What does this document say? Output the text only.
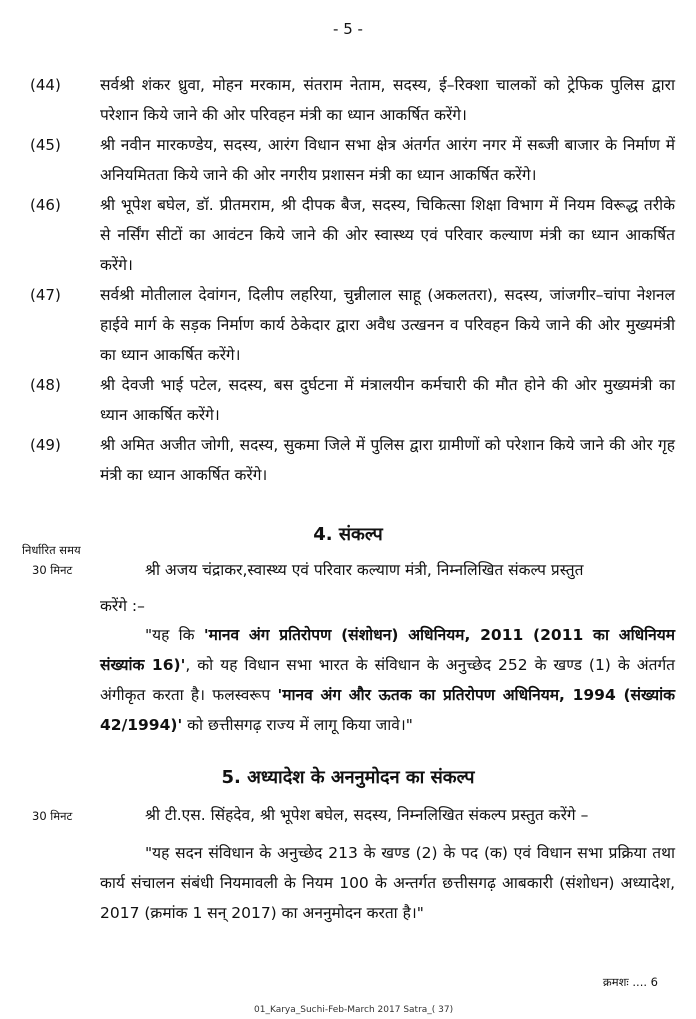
- 5 -
(44)	सर्वश्री शंकर ध्रुवा, मोहन मरकाम, संतराम नेताम, सदस्य, ई–रिक्शा चालकों को ट्रेफिक पुलिस द्वारा परेशान किये जाने की ओर परिवहन मंत्री का ध्यान आकर्षित करेंगे।
(45)	श्री नवीन मारकण्डेय, सदस्य, आरंग विधान सभा क्षेत्र अंतर्गत आरंग नगर में सब्जी बाजार के निर्माण में अनियमितता किये जाने की ओर नगरीय प्रशासन मंत्री का ध्यान आकर्षित करेंगे।
(46)	श्री भूपेश बघेल, डॉ. प्रीतमराम, श्री दीपक बैज, सदस्य, चिकित्सा शिक्षा विभाग में नियम विरूद्ध तरीके से नर्सिंग सीटों का आवंटन किये जाने की ओर स्वास्थ्य एवं परिवार कल्याण मंत्री का ध्यान आकर्षित करेंगे।
(47)	सर्वश्री मोतीलाल देवांगन, दिलीप लहरिया, चुन्नीलाल साहू (अकलतरा), सदस्य, जांजगीर–चांपा नेशनल हाईवे मार्ग के सड़क निर्माण कार्य ठेकेदार द्वारा अवैध उत्खनन व परिवहन किये जाने की ओर मुख्यमंत्री का ध्यान आकर्षित करेंगे।
(48)	श्री देवजी भाई पटेल, सदस्य, बस दुर्घटना में मंत्रालयीन कर्मचारी की मौत होने की ओर मुख्यमंत्री का ध्यान आकर्षित करेंगे।
(49)	श्री अमित अजीत जोगी, सदस्य, सुकमा जिले में पुलिस द्वारा ग्रामीणों को परेशान किये जाने की ओर गृह मंत्री का ध्यान आकर्षित करेंगे।
4. संकल्प
निर्धारित समय
30 मिनट	श्री अजय चंद्राकर,स्वास्थ्य एवं परिवार कल्याण मंत्री, निम्नलिखित संकल्प प्रस्तुत
करेंगे :–
"यह कि 'मानव अंग प्रतिरोपण (संशोधन) अधिनियम, 2011 (2011 का अधिनियम संख्यांक 16)', को यह विधान सभा भारत के संविधान के अनुच्छेद 252 के खण्ड (1) के अंतर्गत अंगीकृत करता है। फलस्वरूप 'मानव अंग और ऊतक का प्रतिरोपण अधिनियम, 1994 (संख्यांक 42/1994)' को छत्तीसगढ़ राज्य में लागू किया जावे।"
5. अध्यादेश के अननुमोदन का संकल्प
30 मिनट	श्री टी.एस. सिंहदेव, श्री भूपेश बघेल, सदस्य, निम्नलिखित संकल्प प्रस्तुत करेंगे –
"यह सदन संविधान के अनुच्छेद 213 के खण्ड (2) के पद (क) एवं विधान सभा प्रक्रिया तथा कार्य संचालन संबंधी नियमावली के नियम 100 के अन्तर्गत छत्तीसगढ़ आबकारी (संशोधन) अध्यादेश, 2017 (क्रमांक 1 सन् 2017) का अननुमोदन करता है।"
क्रमशः .... 6
01_Karya_Suchi-Feb-March 2017 Satra_( 37)
